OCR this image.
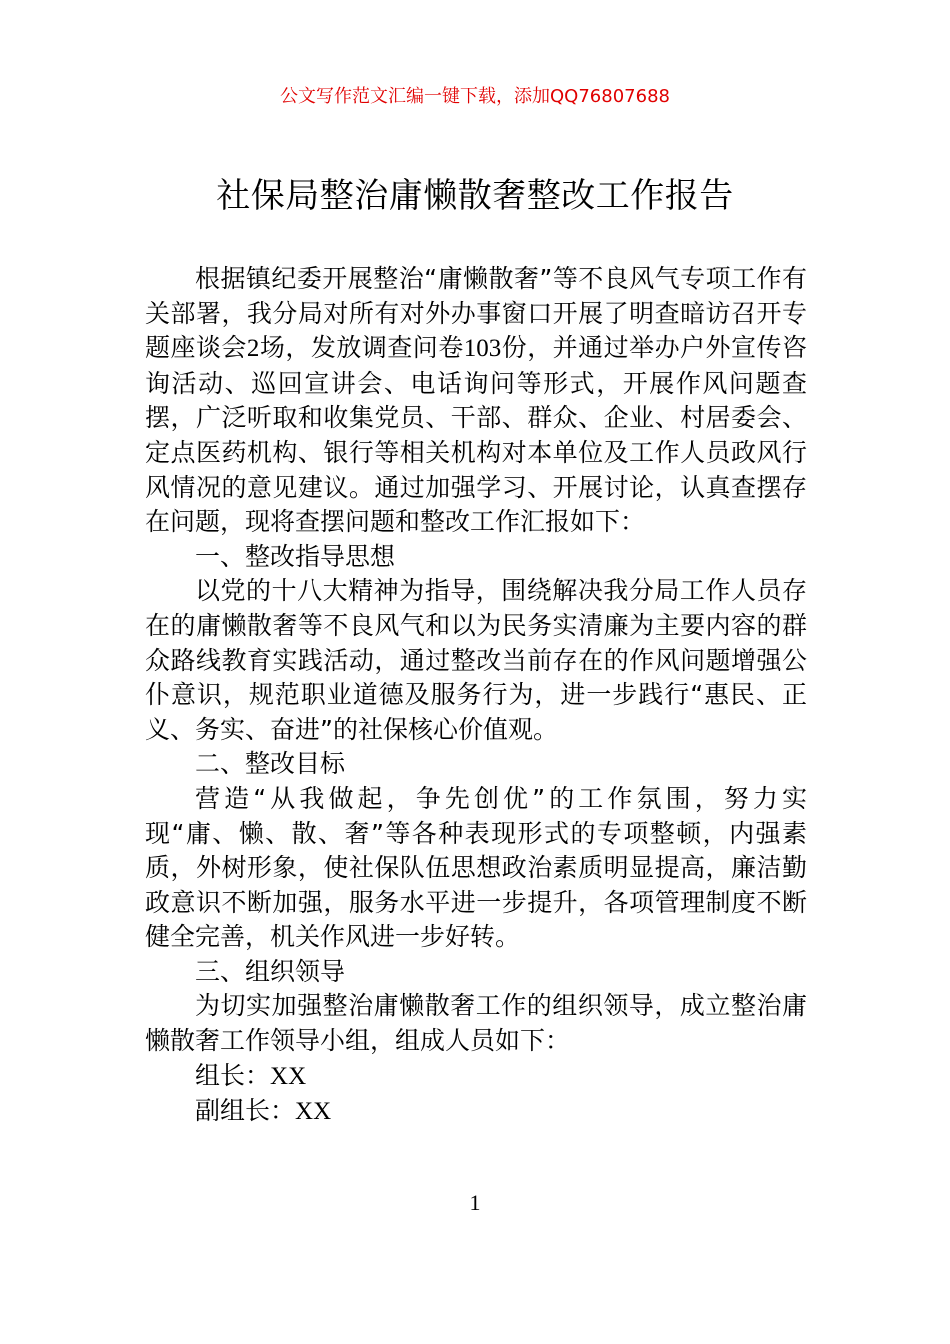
公文写作范文汇编一键下载，添加QQ76807688
社保局整治庸懒散奢整改工作报告

根据镇纪委开展整治“庸懒散奢”等不良风气专项工作有关部署，我分局对所有对外办事窗口开展了明查暗访召开专题座谈会2场，发放调查问卷103份，并通过举办户外宣传咨询活动、巡回宣讲会、电话询问等形式，开展作风问题查摆，广泛听取和收集党员、干部、群众、企业、村居委会、定点医药机构、银行等相关机构对本单位及工作人员政风行风情况的意见建议。通过加强学习、开展讨论，认真查摆存在问题，现将查摆问题和整改工作汇报如下：

一、整改指导思想

以党的十八大精神为指导，围绕解决我分局工作人员存在的庸懒散奢等不良风气和以为民务实清廉为主要内容的群众路线教育实践活动，通过整改当前存在的作风问题增强公仆意识，规范职业道德及服务行为，进一步践行“惠民、正义、务实、奋进”的社保核心价值观。

二、整改目标

营造“从我做起，争先创优”的工作氛围，努力实现“庸、懒、散、奢”等各种表现形式的专项整顿，内强素质，外树形象，使社保队伍思想政治素质明显提高，廉洁勤政意识不断加强，服务水平进一步提升，各项管理制度不断健全完善，机关作风进一步好转。

三、组织领导

为切实加强整治庸懒散奢工作的组织领导，成立整治庸懒散奢工作领导小组，组成人员如下：

组长：XX

副组长：XX

1
